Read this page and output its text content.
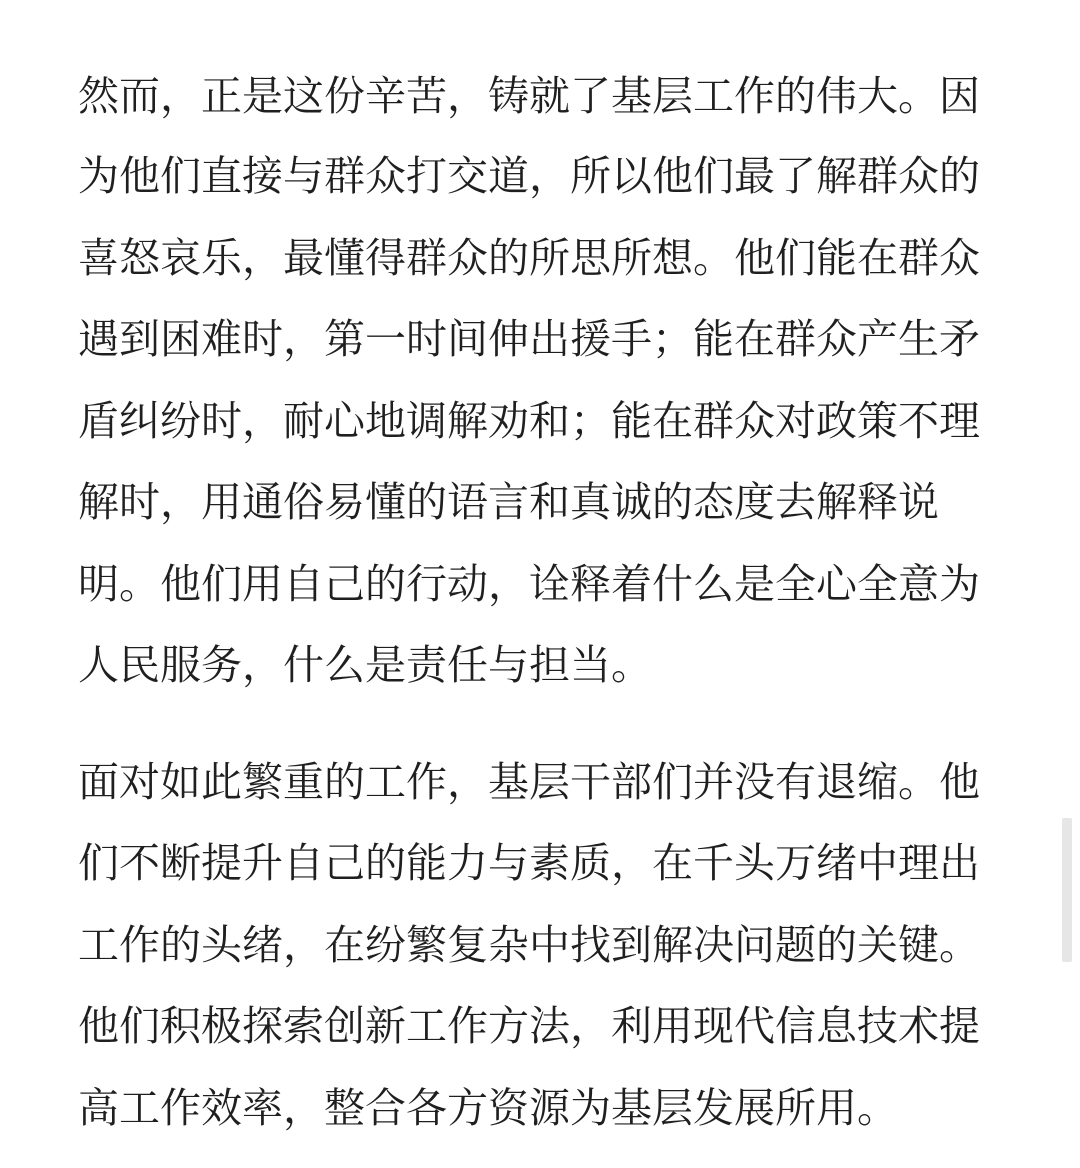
然而，正是这份辛苦，铸就了基层工作的伟大。因

为他们直接与群众打交道，所以他们最了解群众的

喜怒哀乐，最懂得群众的所思所想。他们能在群众

遇到困难时，第一时间伸出援手；能在群众产生矛

盾纠纷时，耐心地调解劝和；能在群众对政策不理

解时，用通俗易懂的语言和真诚的态度去解释说

明。他们用自己的行动，诠释着什么是全心全意为

人民服务，什么是责任与担当。

面对如此繁重的工作，基层干部们并没有退缩。他

们不断提升自己的能力与素质，在千头万绪中理出

工作的头绪，在纷繁复杂中找到解决问题的关键。

他们积极探索创新工作方法，利用现代信息技术提

高工作效率，整合各方资源为基层发展所用。
